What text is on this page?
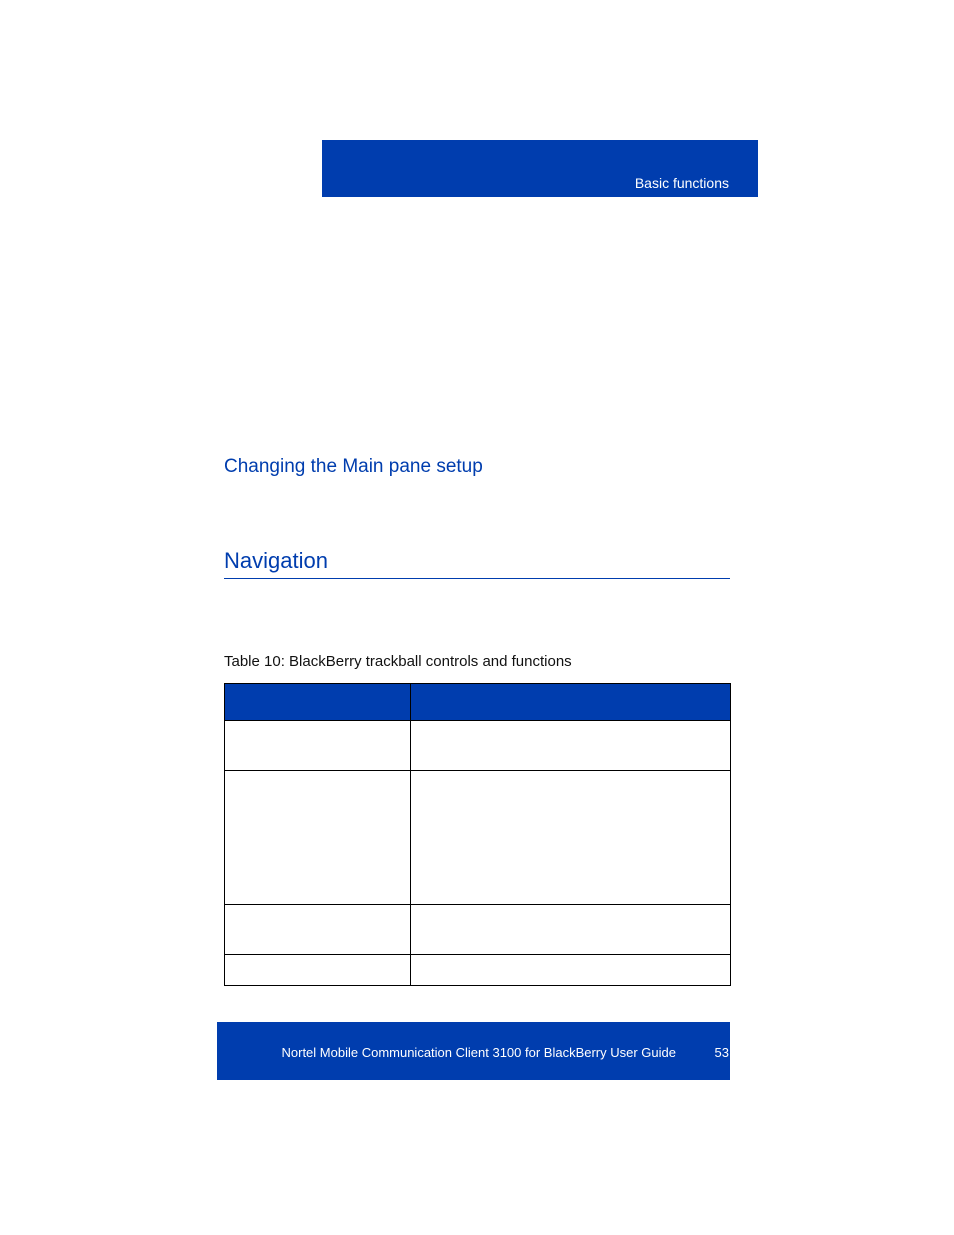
Basic functions
Changing the Main pane setup
Navigation
Table 10: BlackBerry trackball controls and functions

Nortel Mobile Communication Client 3100 for BlackBerry User Guide	53
